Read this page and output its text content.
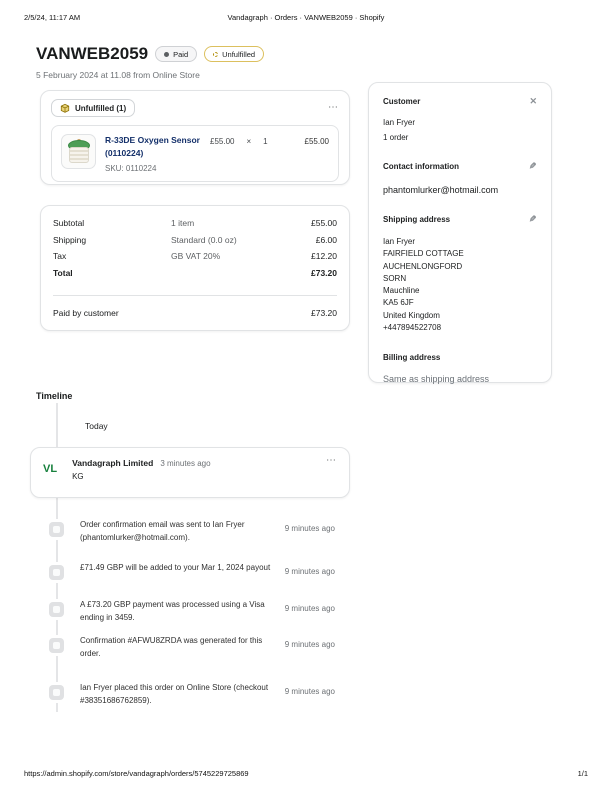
2/5/24, 11:17 AM	Vandagraph · Orders · VANWEB2059 · Shopify
VANWEB2059	Paid	Unfulfilled
5 February 2024 at 11.08 from Online Store
Unfulfilled (1)	⋯
R-33DE Oxygen Sensor (0110224)
SKU: 0110224
£55.00 × 1	£55.00
Subtotal	1 item	£55.00
Shipping	Standard (0.0 oz)	£6.00
Tax	GB VAT 20%	£12.20
Total	£73.20
Paid by customer	£73.20
Customer	✕
Ian Fryer
1 order
Contact information	✎
phantomlurker@hotmail.com
Shipping address	✎
Ian Fryer
FAIRFIELD COTTAGE
AUCHENLONGFORD
SORN
Mauchline
KA5 6JF
United Kingdom
+447894522708
Billing address
Same as shipping address
Timeline
Today
VL Vandagraph Limited 3 minutes ago
KG
⋯
Order confirmation email was sent to Ian Fryer (phantomlurker@hotmail.com).
9 minutes ago
£71.49 GBP will be added to your Mar 1, 2024 payout	9 minutes ago
A £73.20 GBP payment was processed using a Visa ending in 3459.
9 minutes ago
Confirmation #AFWU8ZRDA was generated for this order.
9 minutes ago
Ian Fryer placed this order on Online Store (checkout #38351686762859).
9 minutes ago
https://admin.shopify.com/store/vandagraph/orders/5745229725869	1/1
